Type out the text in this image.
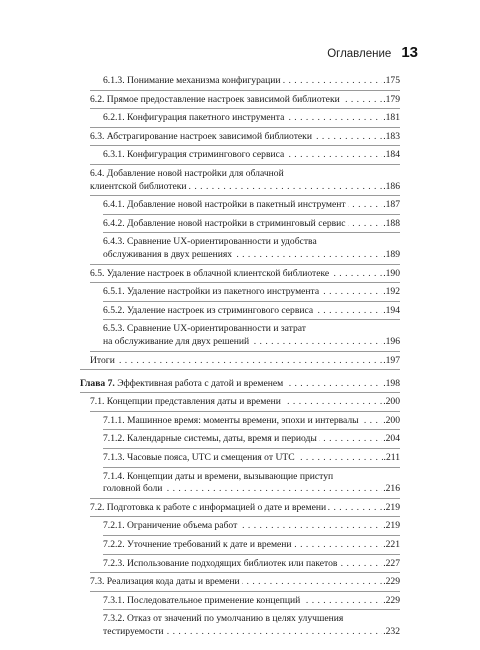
Оглавление 13
6.1.3. Понимание механизма конфигурации . . .	.175
6.2. Прямое предоставление настроек зависимой библиотеки . . .	.179
6.2.1. Конфигурация пакетного инструмента . . .	.181
6.3. Абстрагирование настроек зависимой библиотеки . . .	.183
6.3.1. Конфигурация стримингового сервиса . . .	.184
6.4. Добавление новой настройки для облачной
клиентской библиотеки . . .	.186
6.4.1. Добавление новой настройки в пакетный инструмент . . .	.187
6.4.2. Добавление новой настройки в стриминговый сервис . . .	.188
6.4.3. Сравнение UX-ориентированности и удобства
обслуживания в двух решениях . . .	.189
6.5. Удаление настроек в облачной клиентской библиотеке . . .	.190
6.5.1. Удаление настройки из пакетного инструмента . . .	.192
6.5.2. Удаление настроек из стримингового сервиса . . .	.194
6.5.3. Сравнение UX-ориентированности и затрат
на обслуживание для двух решений . . .	.196
Итоги . . .	.197
Глава 7. Эффективная работа с датой и временем . . .	.198
7.1. Концепции представления даты и времени . . .	.200
7.1.1. Машинное время: моменты времени, эпохи и интервалы . . .	.200
7.1.2. Календарные системы, даты, время и периоды . . .	.204
7.1.3. Часовые пояса, UTC и смещения от UTC . . .	.211
7.1.4. Концепции даты и времени, вызывающие приступ
головной боли . . .	.216
7.2. Подготовка к работе с информацией о дате и времени . . .	.219
7.2.1. Ограничение объема работ . . .	.219
7.2.2. Уточнение требований к дате и времени . . .	.221
7.2.3. Использование подходящих библиотек или пакетов . . .	.227
7.3. Реализация кода даты и времени . . .	.229
7.3.1. Последовательное применение концепций . . .	.229
7.3.2. Отказ от значений по умолчанию в целях улучшения
тестируемости . . .	.232
